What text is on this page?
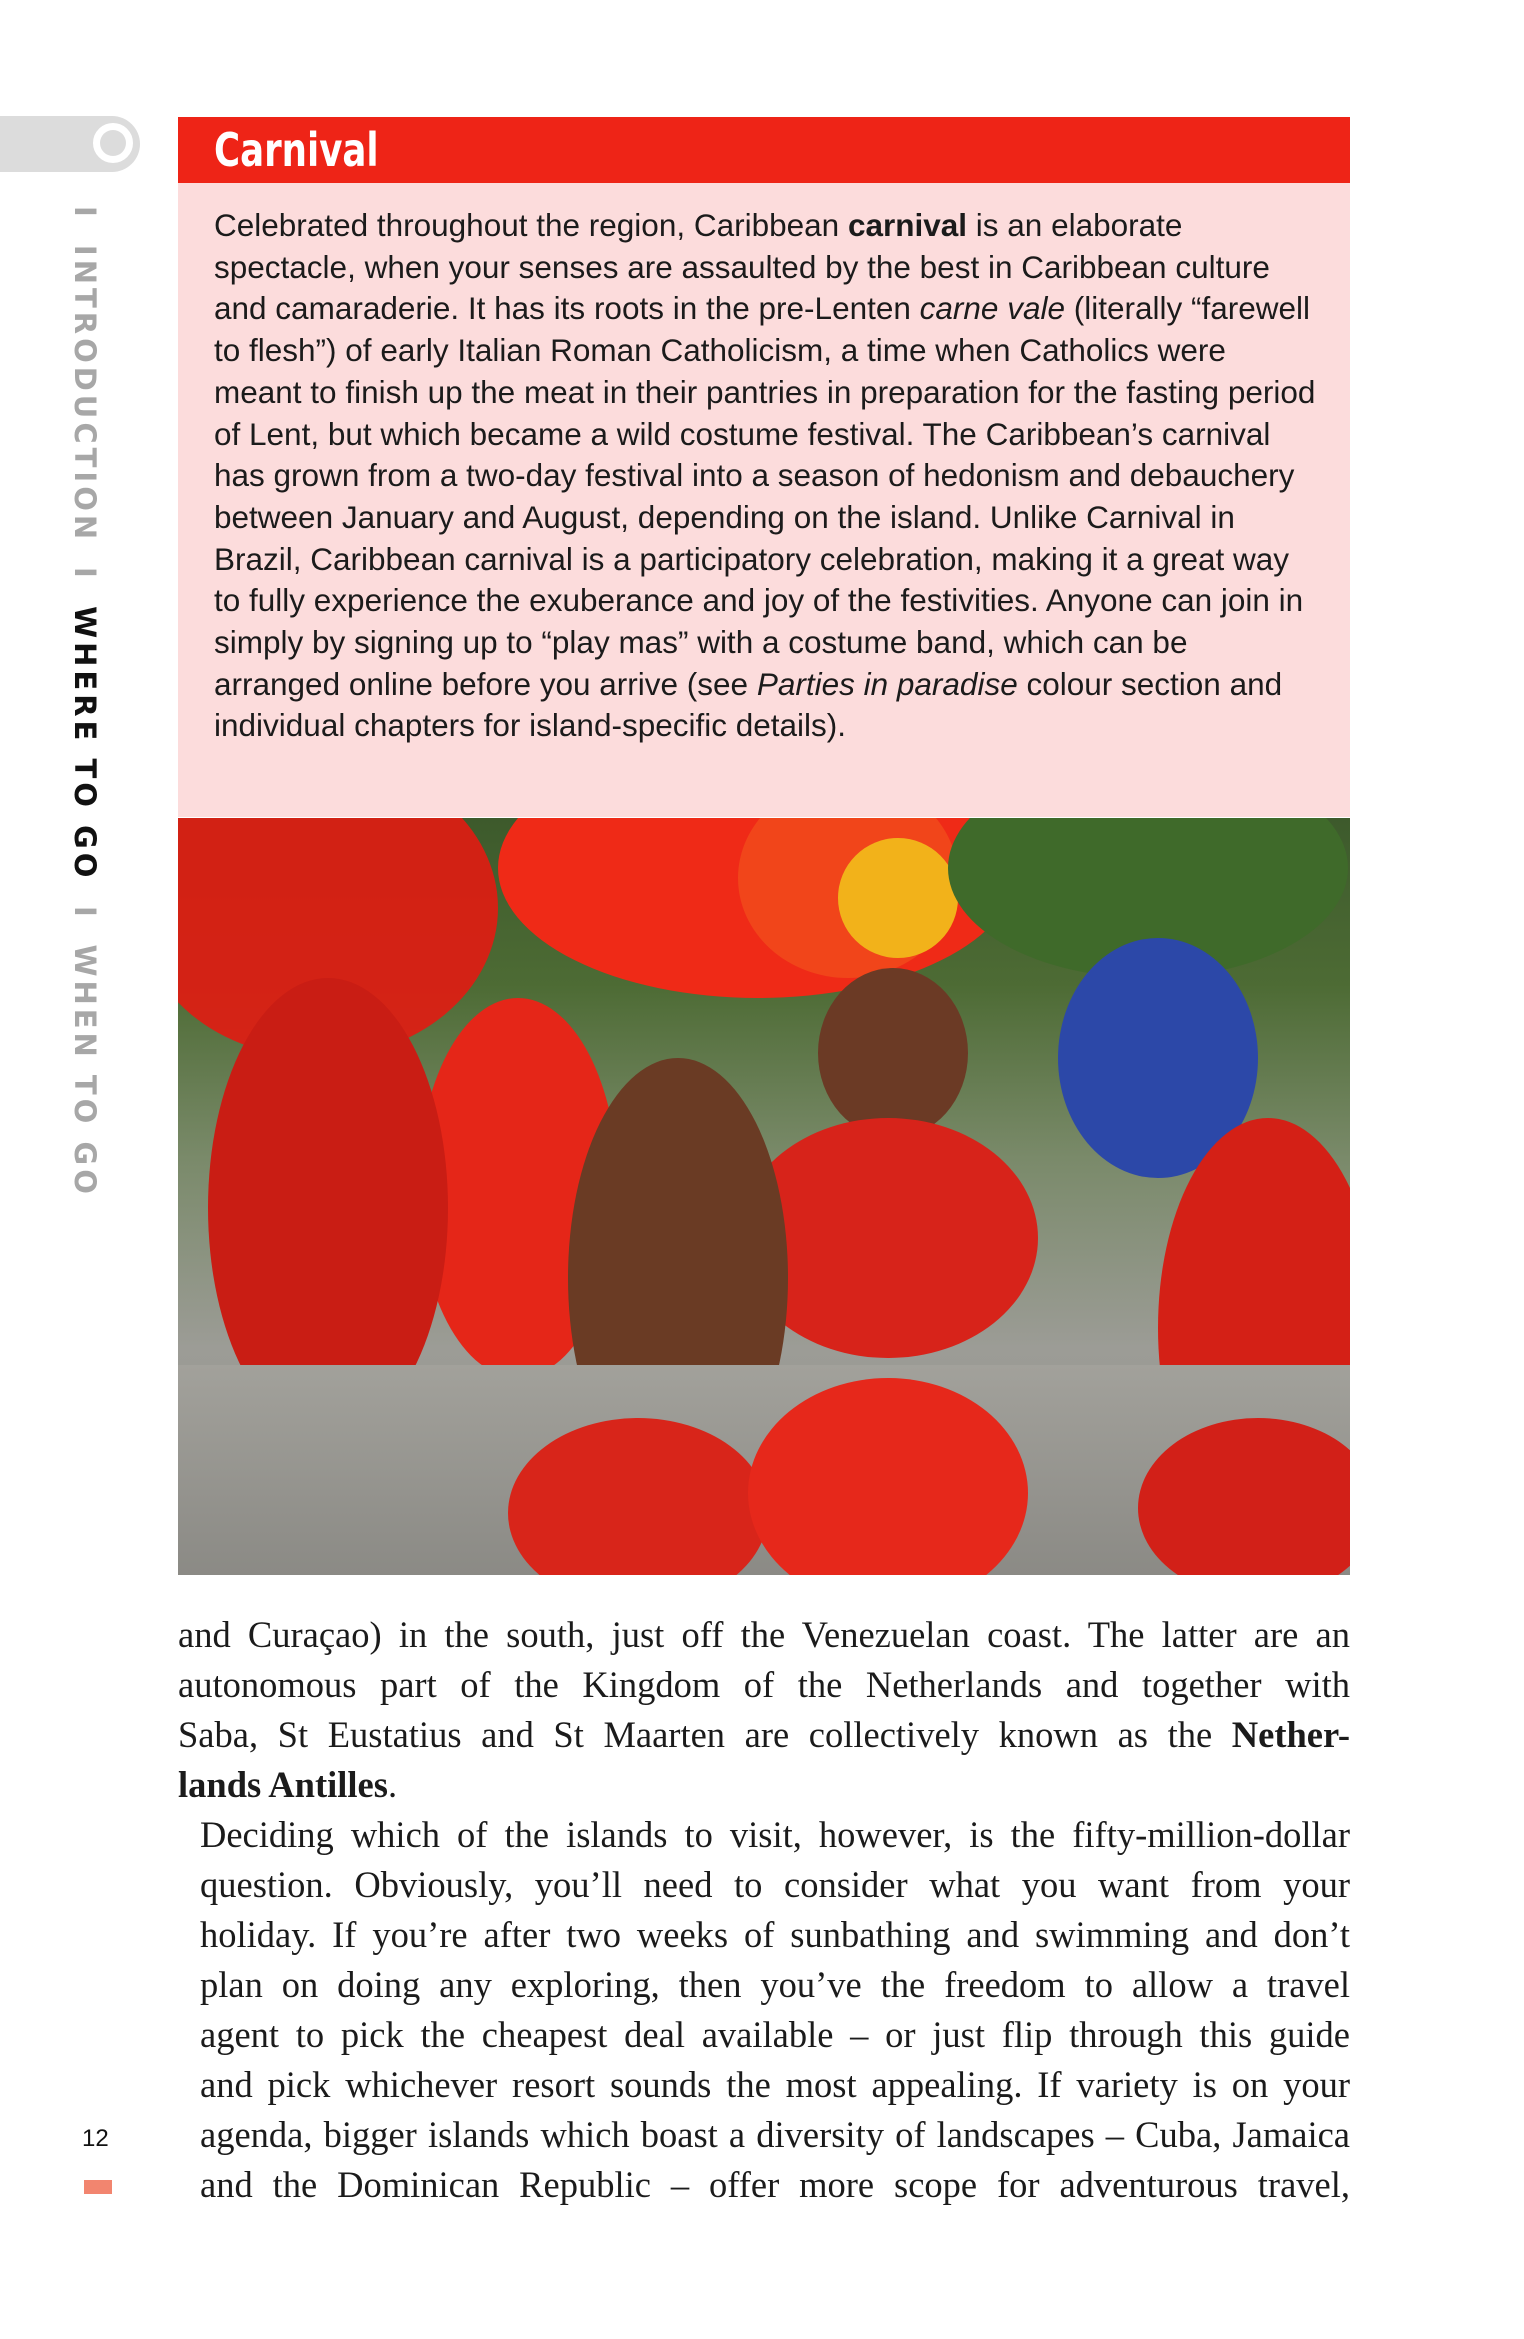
I INTRODUCTION I WHERE TO GO I WHEN TO GO
Carnival

Celebrated throughout the region, Caribbean carnival is an elaborate spectacle, when your senses are assaulted by the best in Caribbean culture and camaraderie. It has its roots in the pre-Lenten carne vale (literally “farewell to flesh”) of early Italian Roman Catholicism, a time when Catholics were meant to finish up the meat in their pantries in preparation for the fasting period of Lent, but which became a wild costume festival. The Caribbean’s carnival has grown from a two-day festival into a season of hedonism and debauchery between January and August, depending on the island. Unlike Carnival in Brazil, Caribbean carnival is a participatory celebration, making it a great way to fully experience the exuberance and joy of the festivities. Anyone can join in simply by signing up to “play mas” with a costume band, which can be arranged online before you arrive (see Parties in paradise colour section and individual chapters for island-specific details).

and Curaçao) in the south, just off the Venezuelan coast. The latter are an
autonomous part of the Kingdom of the Netherlands and together with
Saba, St Eustatius and St Maarten are collectively known as the Nether-
lands Antilles.

Deciding which of the islands to visit, however, is the fifty-million-dollar
question. Obviously, you’ll need to consider what you want from your
holiday. If you’re after two weeks of sunbathing and swimming and don’t
plan on doing any exploring, then you’ve the freedom to allow a travel
agent to pick the cheapest deal available – or just flip through this guide
and pick whichever resort sounds the most appealing. If variety is on your
agenda, bigger islands which boast a diversity of landscapes – Cuba, Jamaica
and the Dominican Republic – offer more scope for adventurous travel,

12
